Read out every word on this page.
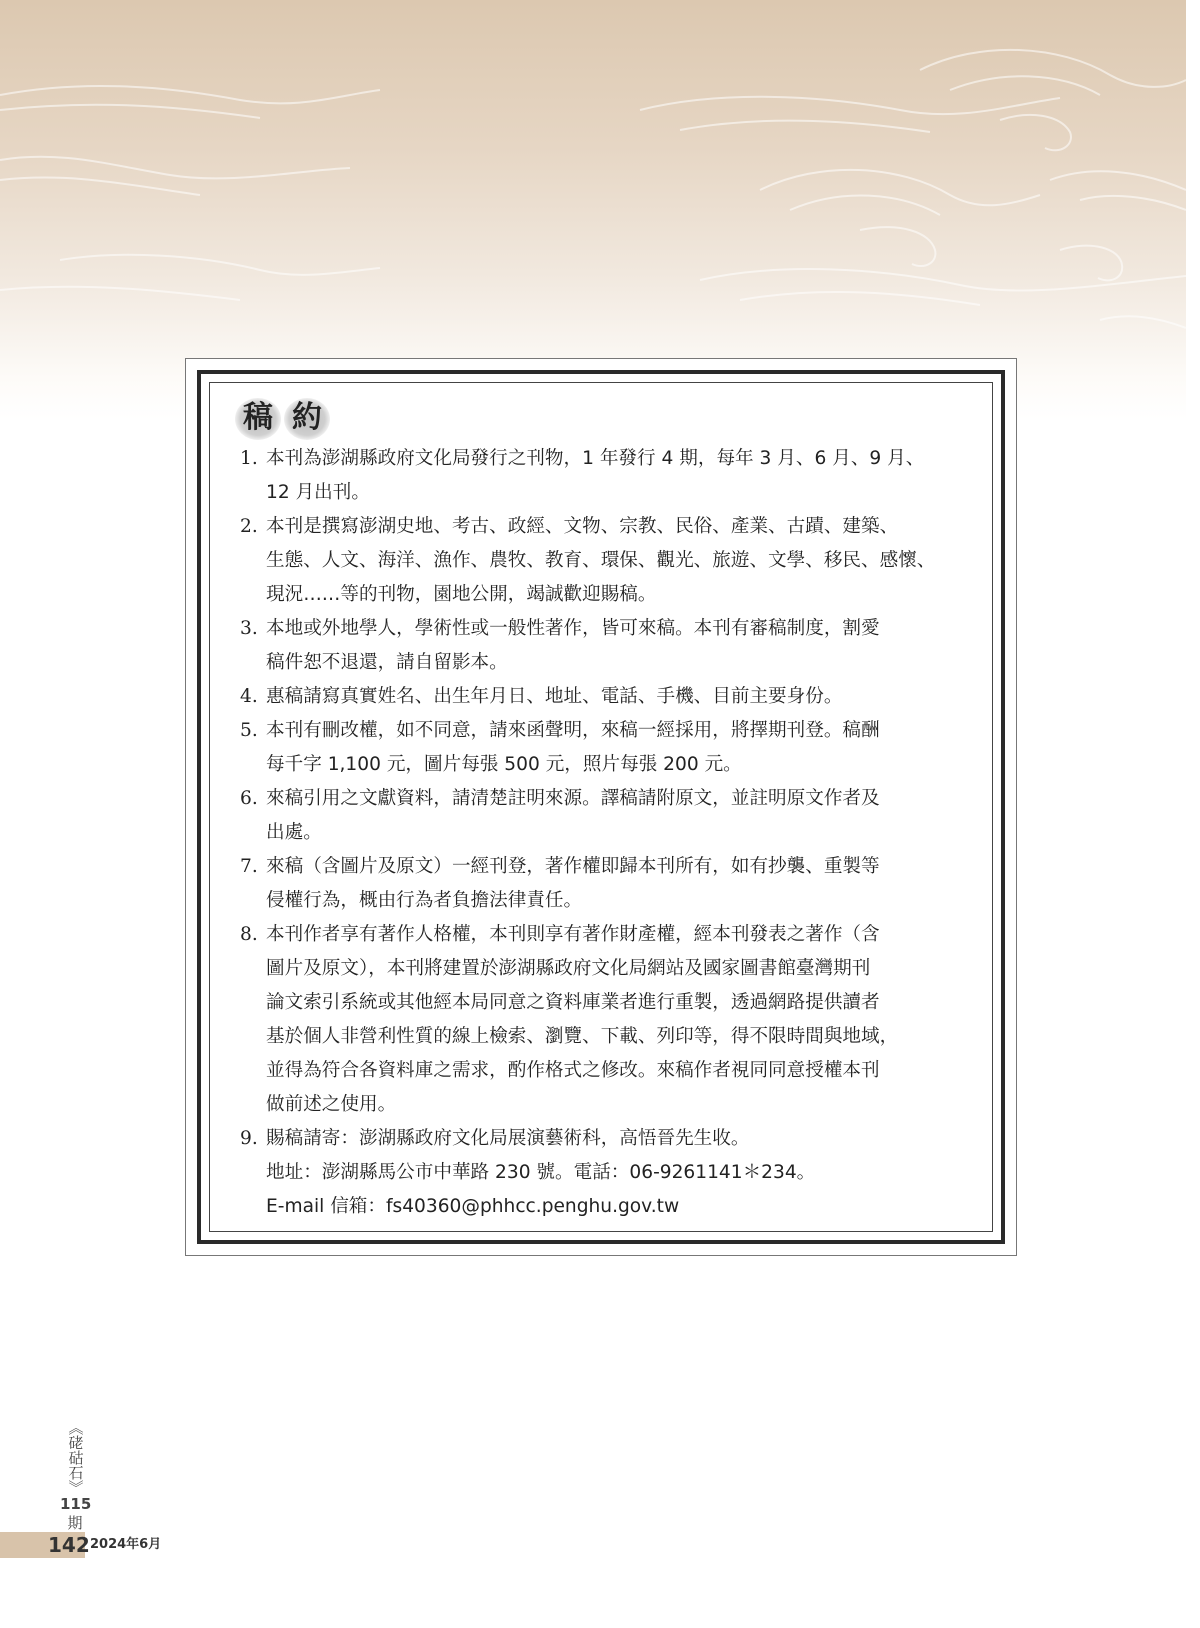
稿 約
1. 本刊為澎湖縣政府文化局發行之刊物，1 年發行 4 期，每年 3 月、6 月、9 月、
12 月出刊。
2. 本刊是撰寫澎湖史地、考古、政經、文物、宗教、民俗、產業、古蹟、建築、
生態、人文、海洋、漁作、農牧、教育、環保、觀光、旅遊、文學、移民、感懷、
現況……等的刊物，園地公開，竭誠歡迎賜稿。
3. 本地或外地學人，學術性或一般性著作，皆可來稿。本刊有審稿制度，割愛
稿件恕不退還，請自留影本。
4. 惠稿請寫真實姓名、出生年月日、地址、電話、手機、目前主要身份。
5. 本刊有刪改權，如不同意，請來函聲明，來稿一經採用，將擇期刊登。稿酬
每千字 1,100 元，圖片每張 500 元，照片每張 200 元。
6. 來稿引用之文獻資料，請清楚註明來源。譯稿請附原文，並註明原文作者及
出處。
7. 來稿（含圖片及原文）一經刊登，著作權即歸本刊所有，如有抄襲、重製等
侵權行為，概由行為者負擔法律責任。
8. 本刊作者享有著作人格權，本刊則享有著作財產權，經本刊發表之著作（含
圖片及原文），本刊將建置於澎湖縣政府文化局網站及國家圖書館臺灣期刊
論文索引系統或其他經本局同意之資料庫業者進行重製，透過網路提供讀者
基於個人非營利性質的線上檢索、瀏覽、下載、列印等，得不限時間與地域，
並得為符合各資料庫之需求，酌作格式之修改。來稿作者視同同意授權本刊
做前述之使用。
9. 賜稿請寄：澎湖縣政府文化局展演藝術科，高悟晉先生收。
地址：澎湖縣馬公市中華路 230 號。電話：06-9261141＊234。
E-mail 信箱：fs40360@phhcc.penghu.gov.tw
《硓𥑮石》
115
期
142 2024年6月
